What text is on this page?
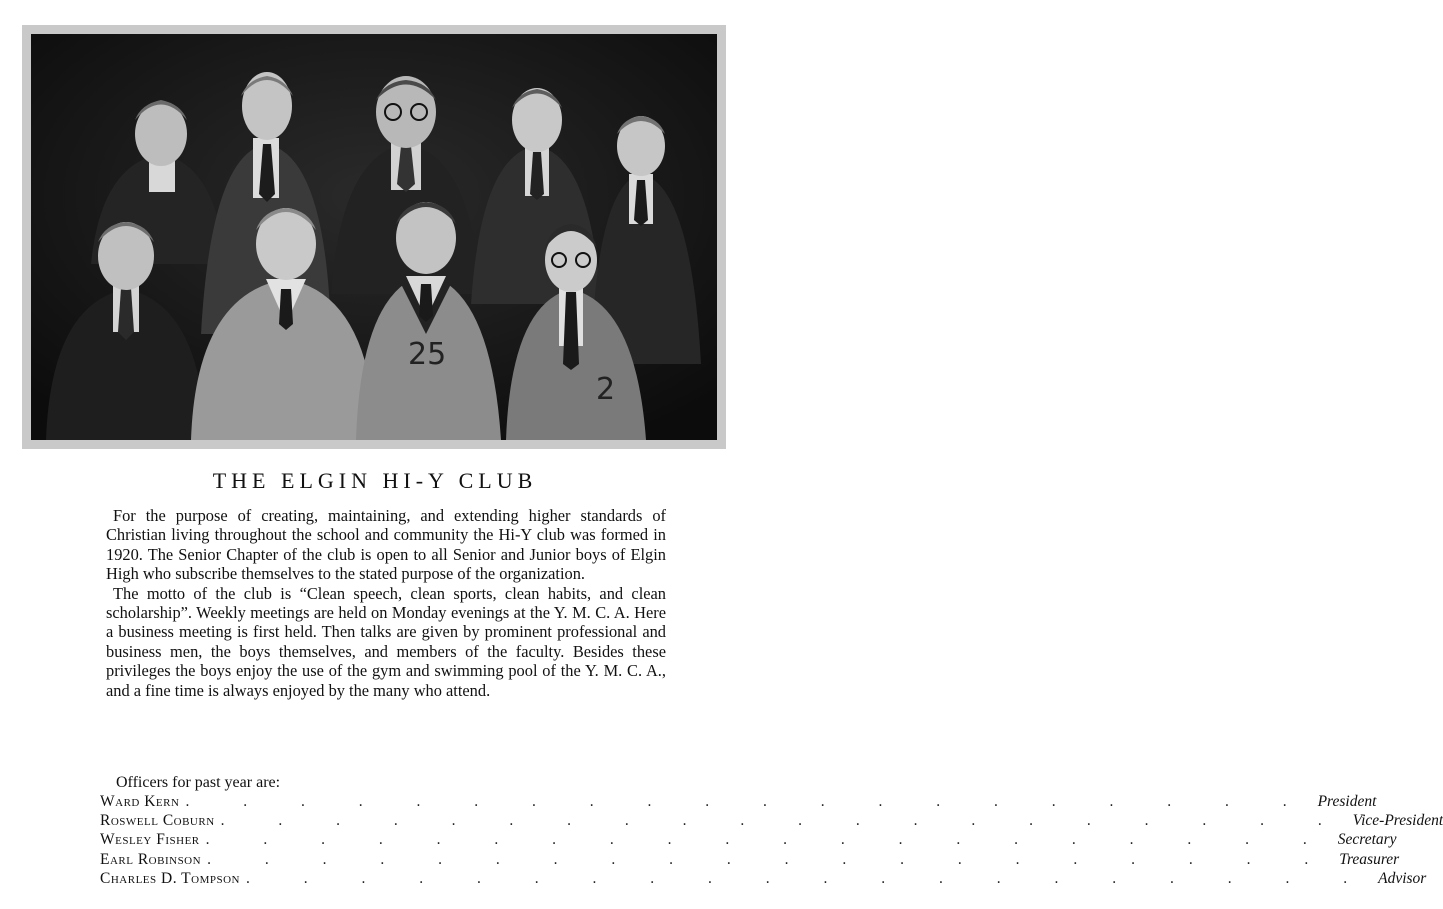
25
2
THE ELGIN HI-Y CLUB

For the purpose of creating, maintaining, and extending higher standards of Christian living throughout the school and community the Hi-Y club was formed in 1920. The Senior Chapter of the club is open to all Senior and Junior boys of Elgin High who subscribe themselves to the stated purpose of the organization.

The motto of the club is “Clean speech, clean sports, clean habits, and clean scholarship”. Weekly meetings are held on Monday evenings at the Y. M. C. A. Here a business meeting is first held. Then talks are given by prominent professional and business men, the boys themselves, and members of the faculty. Besides these privileges the boys enjoy the use of the gym and swimming pool of the Y. M. C. A., and a fine time is always enjoyed by the many who attend.

Officers for past year are:
Ward Kern . . . . . . . . . . . . . . . . . . . . President
Roswell Coburn . . . . . . . . . . . . . . . . . . . . Vice-President
Wesley Fisher . . . . . . . . . . . . . . . . . . . . Secretary
Earl Robinson . . . . . . . . . . . . . . . . . . . . Treasurer
Charles D. Tompson . . . . . . . . . . . . . . . . . . . . Advisor
